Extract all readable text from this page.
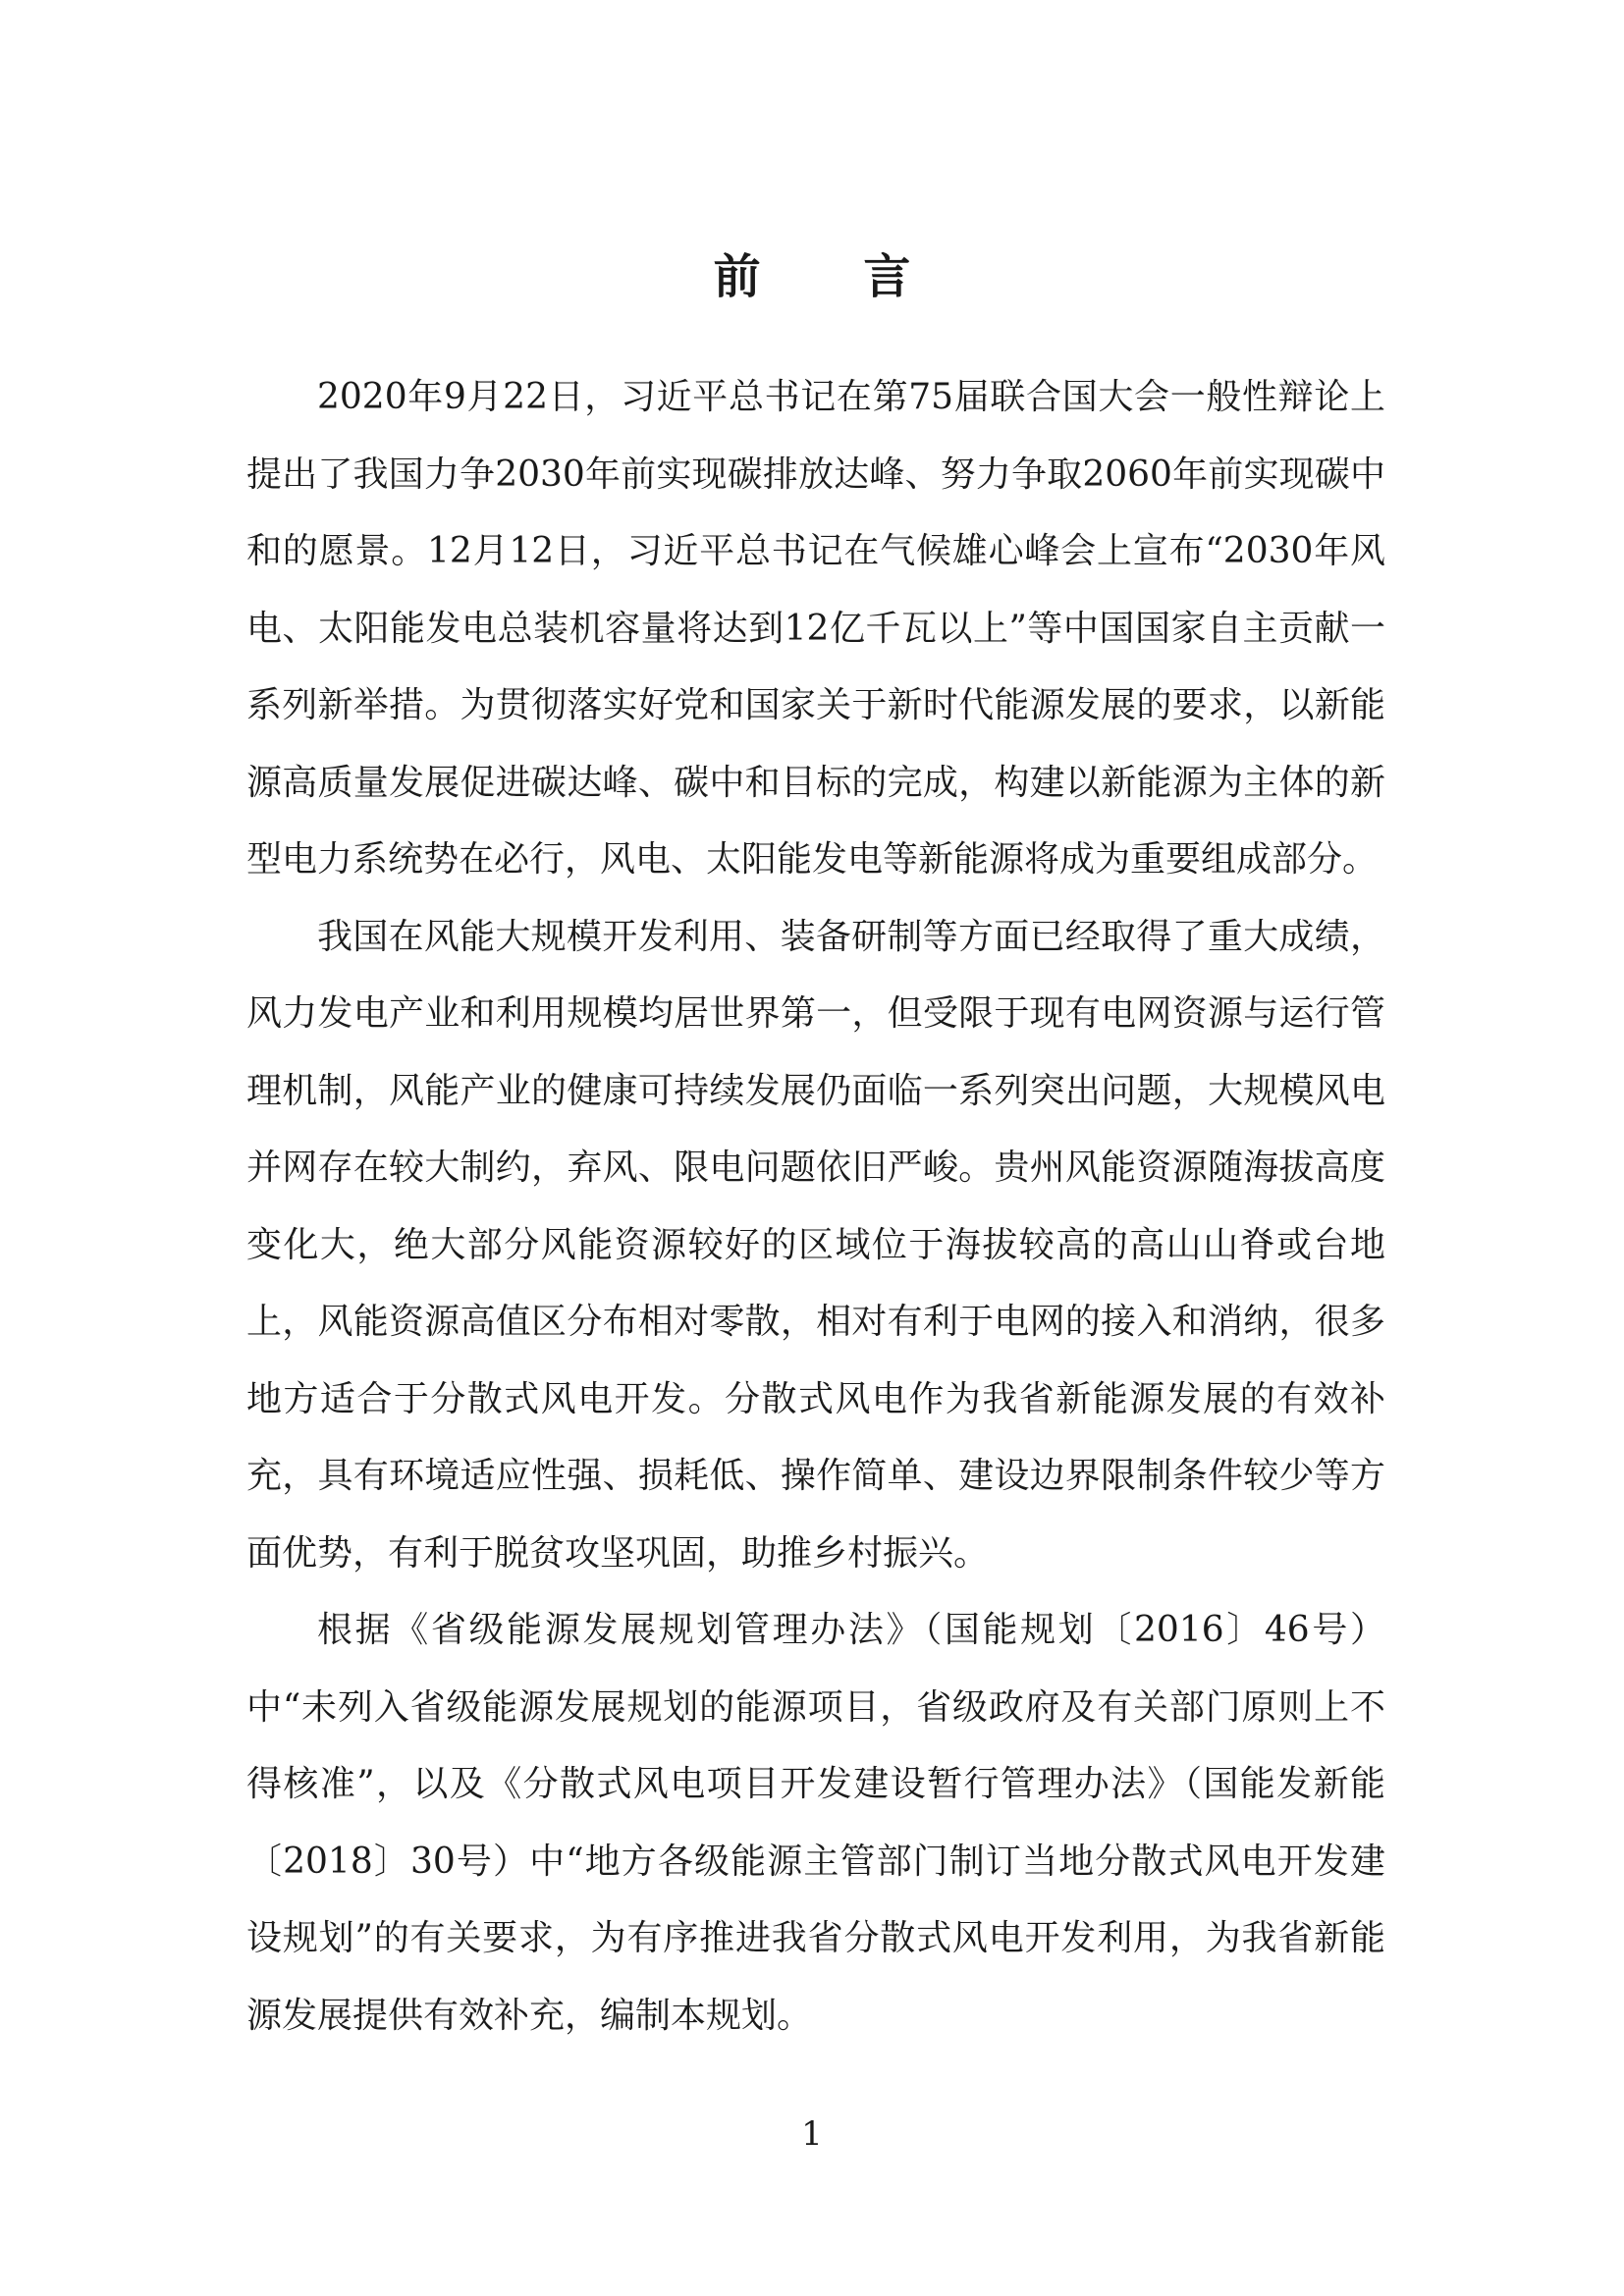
前 言

2020年9月22日，习近平总书记在第75届联合国大会一般性辩论上提出了我国力争2030年前实现碳排放达峰、努力争取2060年前实现碳中和的愿景。12月12日，习近平总书记在气候雄心峰会上宣布“2030年风电、太阳能发电总装机容量将达到12亿千瓦以上”等中国国家自主贡献一系列新举措。为贯彻落实好党和国家关于新时代能源发展的要求，以新能源高质量发展促进碳达峰、碳中和目标的完成，构建以新能源为主体的新型电力系统势在必行，风电、太阳能发电等新能源将成为重要组成部分。

我国在风能大规模开发利用、装备研制等方面已经取得了重大成绩，风力发电产业和利用规模均居世界第一，但受限于现有电网资源与运行管理机制，风能产业的健康可持续发展仍面临一系列突出问题，大规模风电并网存在较大制约，弃风、限电问题依旧严峻。贵州风能资源随海拔高度变化大，绝大部分风能资源较好的区域位于海拔较高的高山山脊或台地上，风能资源高值区分布相对零散，相对有利于电网的接入和消纳，很多地方适合于分散式风电开发。分散式风电作为我省新能源发展的有效补充，具有环境适应性强、损耗低、操作简单、建设边界限制条件较少等方面优势，有利于脱贫攻坚巩固，助推乡村振兴。

根据《省级能源发展规划管理办法》（国能规划〔2016〕46号）中“未列入省级能源发展规划的能源项目，省级政府及有关部门原则上不得核准”，以及《分散式风电项目开发建设暂行管理办法》（国能发新能〔2018〕30号）中“地方各级能源主管部门制订当地分散式风电开发建设规划”的有关要求，为有序推进我省分散式风电开发利用，为我省新能源发展提供有效补充，编制本规划。

1
